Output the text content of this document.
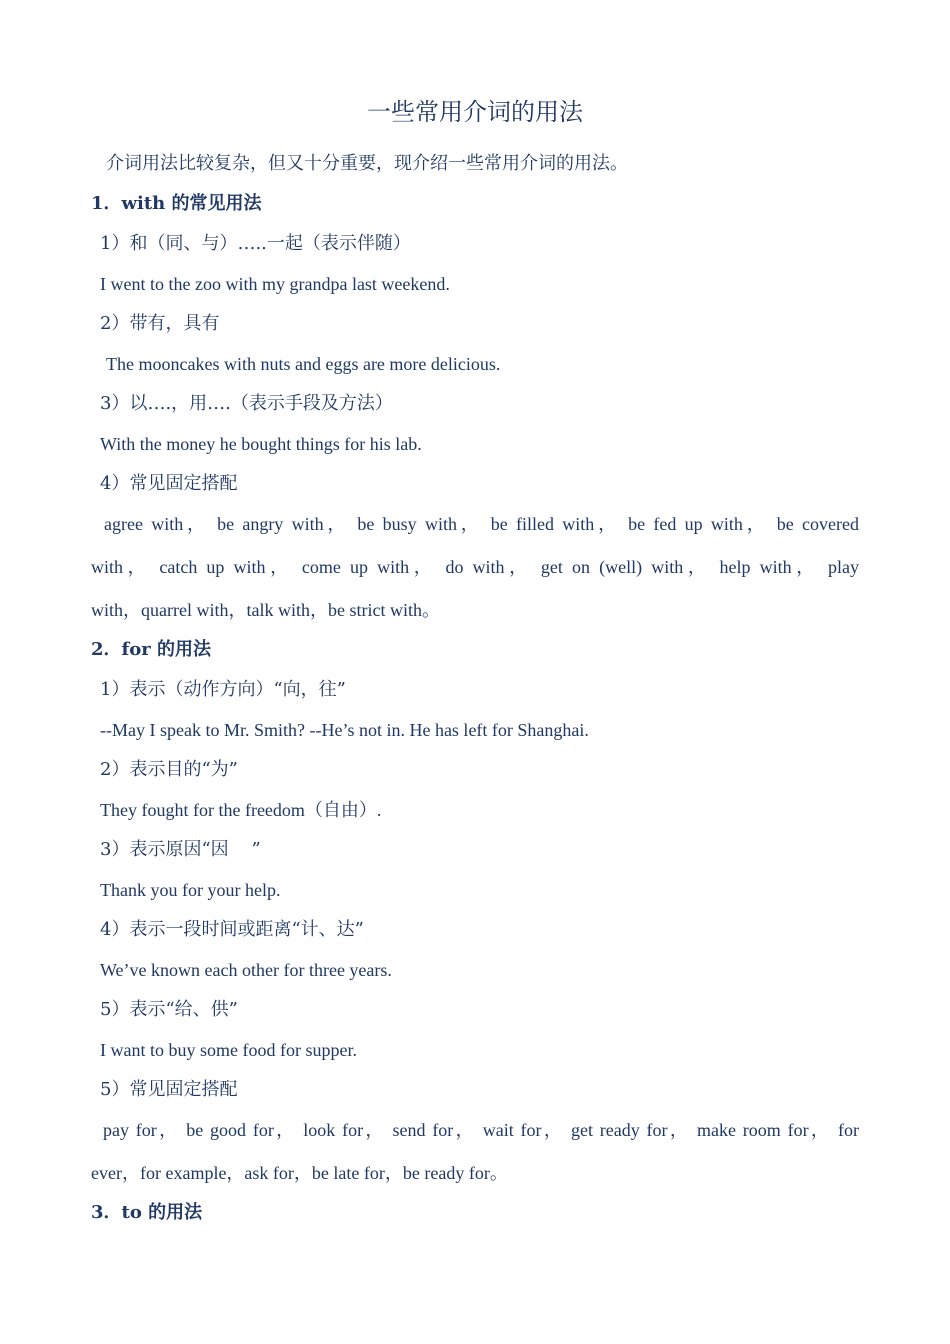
一些常用介词的用法
介词用法比较复杂，但又十分重要，现介绍一些常用介词的用法。
1．with 的常见用法
1）和（同、与）…..一起（表示伴随）
I went to the zoo with my grandpa last weekend.
2）带有，具有
The mooncakes with nuts and eggs are more delicious.
3）以….，用….（表示手段及方法）
With the money he bought things for his lab.
4）常见固定搭配
agree with， be angry with， be busy with， be filled with， be fed up with， be covered
with， catch up with， come up with， do with， get on (well) with， help with， play
with，quarrel with，talk with，be strict with。
2．for 的用法
1）表示（动作方向）“向，往”
--May I speak to Mr. Smith? --He’s not in. He has left for Shanghai.
2）表示目的“为”
They fought for the freedom（自由）.
3）表示原因“因    ”
Thank you for your help.
4）表示一段时间或距离“计、达”
We’ve known each other for three years.
5）表示“给、供”
I want to buy some food for supper.
5）常见固定搭配
pay for， be good for， look for， send for， wait for， get ready for， make room for， for
ever，for example，ask for，be late for，be ready for。
3．to 的用法
